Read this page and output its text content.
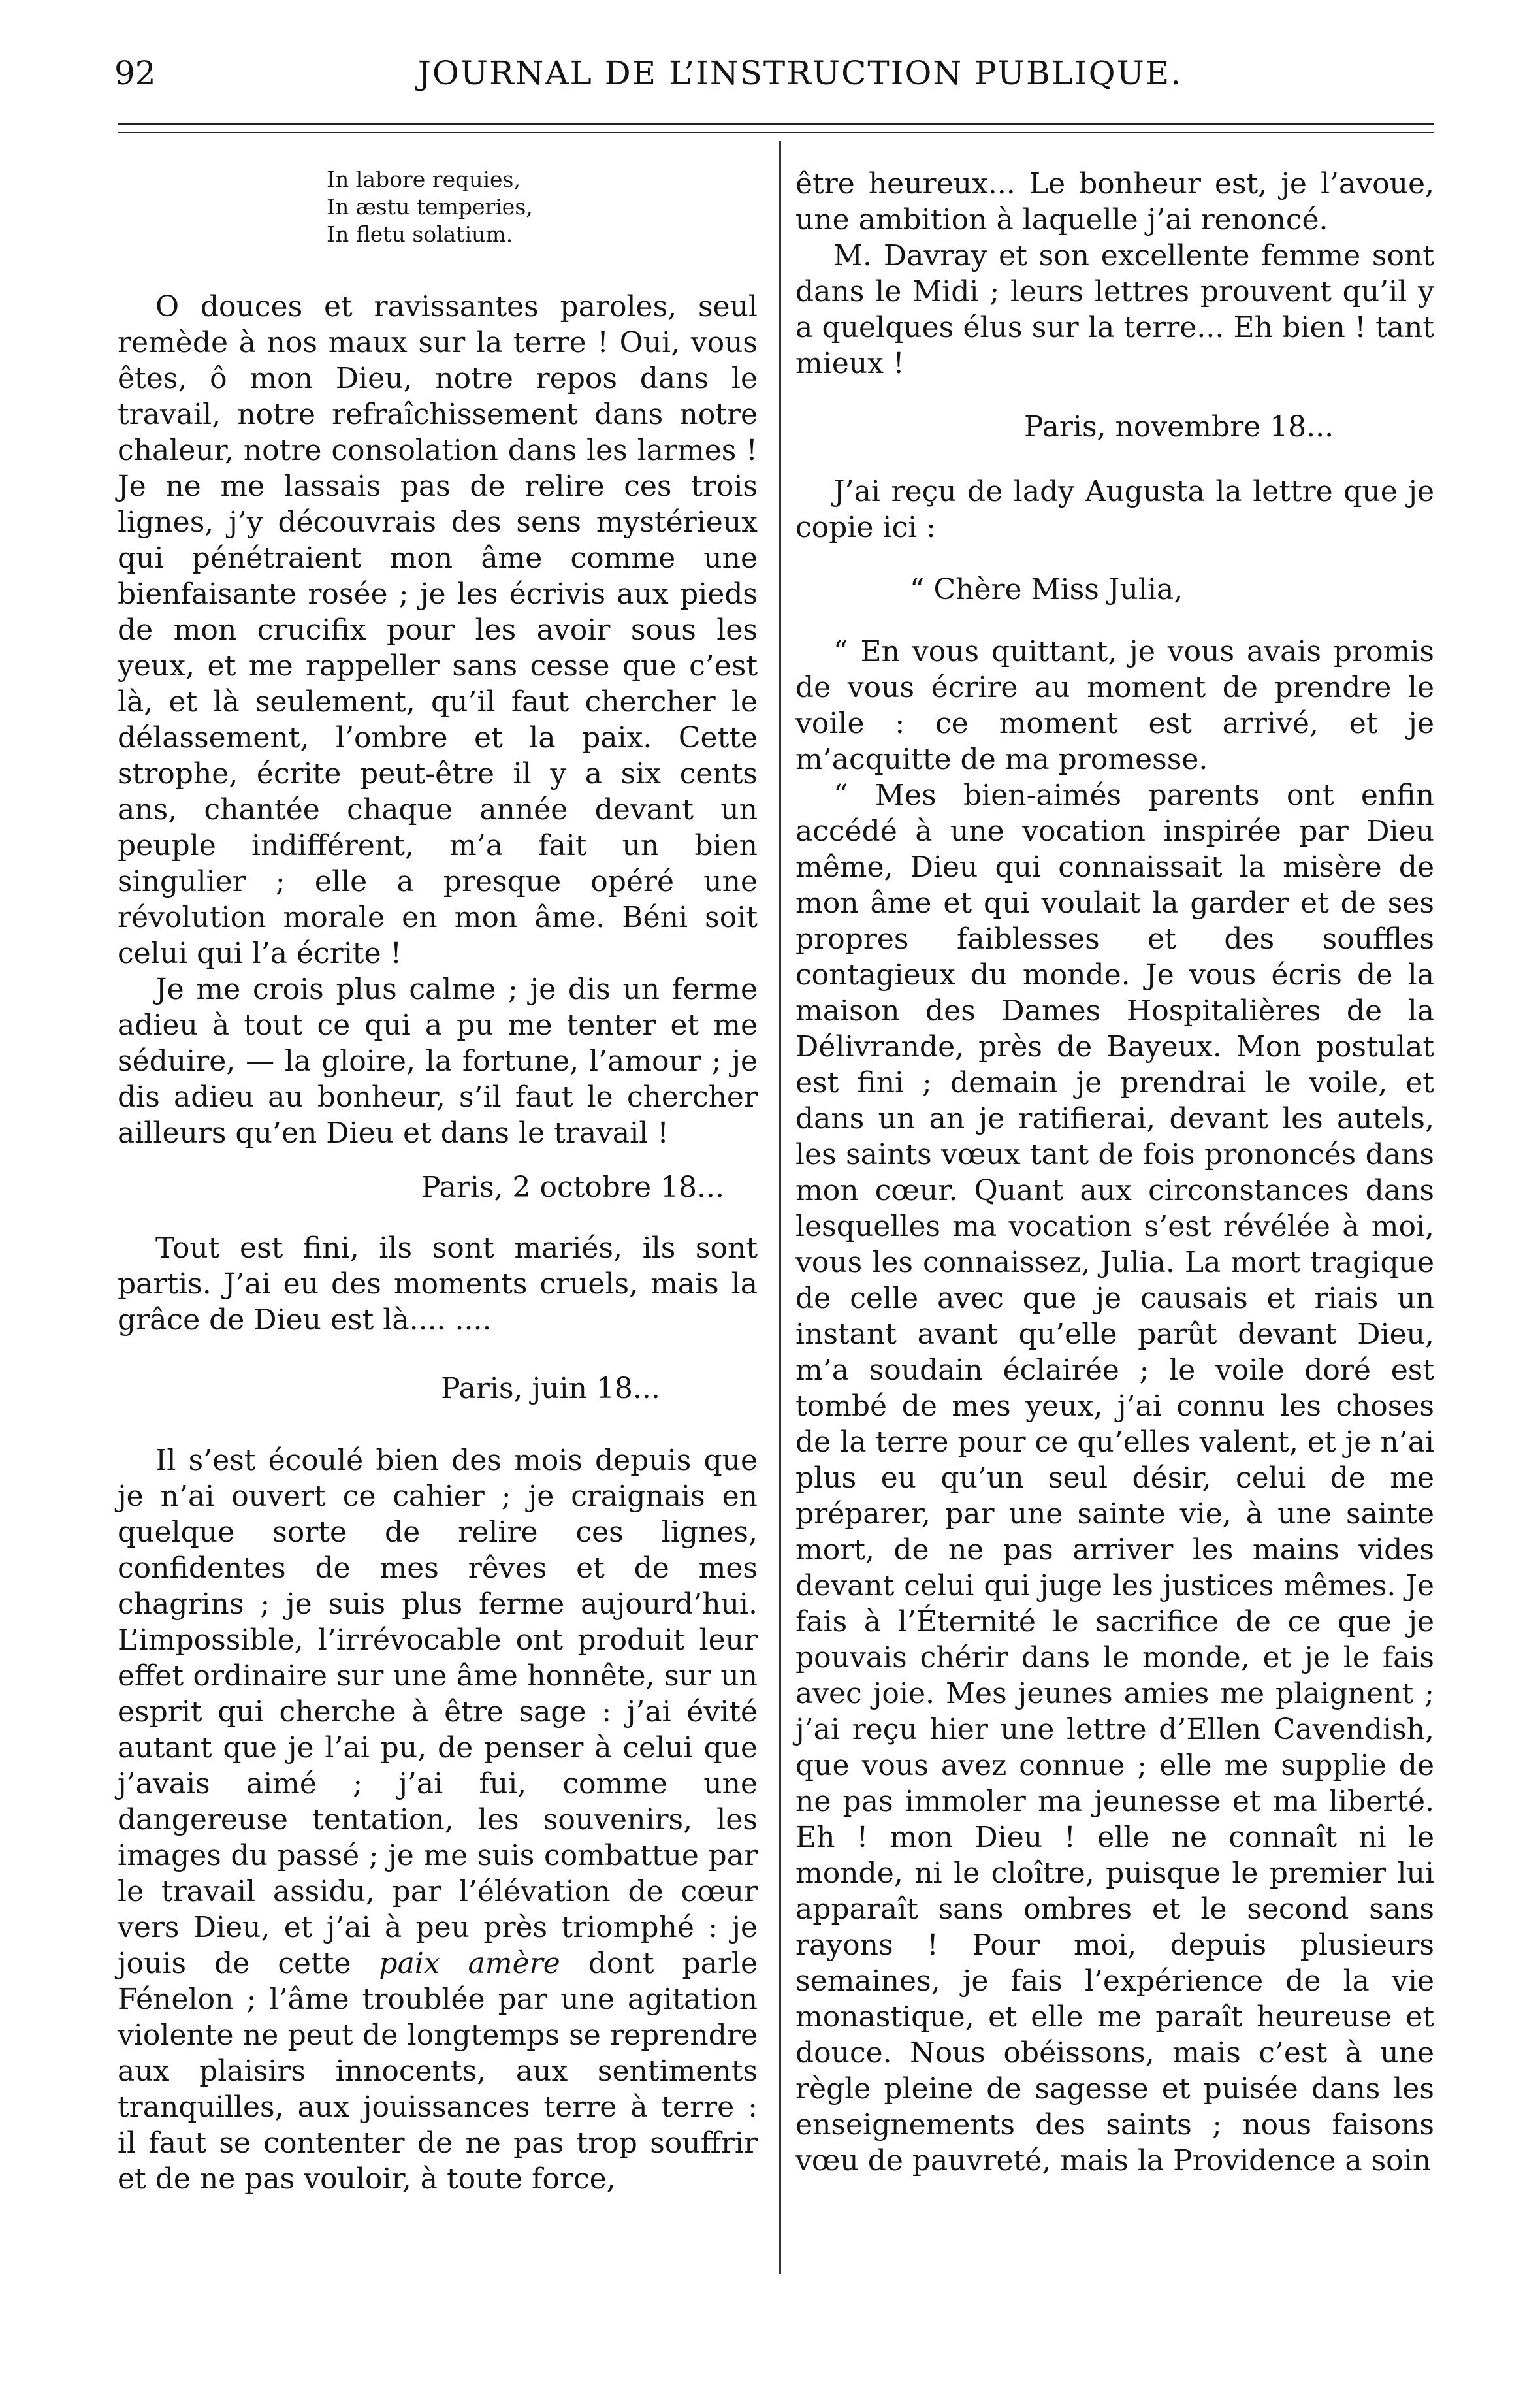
92	JOURNAL DE L’INSTRUCTION PUBLIQUE.
In labore requies,
In æstu temperies,
In fletu solatium.

O douces et ravissantes paroles, seul remède à nos maux sur la terre ! Oui, vous êtes, ô mon Dieu, notre repos dans le travail, notre refraîchissement dans notre chaleur, notre consolation dans les larmes ! Je ne me lassais pas de relire ces trois lignes, j’y découvrais des sens mystérieux qui pénétraient mon âme comme une bienfaisante rosée ; je les écrivis aux pieds de mon crucifix pour les avoir sous les yeux, et me rappeller sans cesse que c’est là, et là seulement, qu’il faut chercher le délassement, l’ombre et la paix. Cette strophe, écrite peut-être il y a six cents ans, chantée chaque année devant un peuple indifférent, m’a fait un bien singulier ; elle a presque opéré une révolution morale en mon âme. Béni soit celui qui l’a écrite !

Je me crois plus calme ; je dis un ferme adieu à tout ce qui a pu me tenter et me séduire, — la gloire, la fortune, l’amour ; je dis adieu au bonheur, s’il faut le chercher ailleurs qu’en Dieu et dans le travail !

Paris, 2 octobre 18...

Tout est fini, ils sont mariés, ils sont partis. J’ai eu des moments cruels, mais la grâce de Dieu est là.... ....

Paris, juin 18...

Il s’est écoulé bien des mois depuis que je n’ai ouvert ce cahier ; je craignais en quelque sorte de relire ces lignes, confidentes de mes rêves et de mes chagrins ; je suis plus ferme aujourd’hui. L’impossible, l’irrévocable ont produit leur effet ordinaire sur une âme honnête, sur un esprit qui cherche à être sage : j’ai évité autant que je l’ai pu, de penser à celui que j’avais aimé ; j’ai fui, comme une dangereuse tentation, les souvenirs, les images du passé ; je me suis combattue par le travail assidu, par l’élévation de cœur vers Dieu, et j’ai à peu près triomphé : je jouis de cette paix amère dont parle Fénelon ; l’âme troublée par une agitation violente ne peut de longtemps se reprendre aux plaisirs innocents, aux sentiments tranquilles, aux jouissances terre à terre : il faut se contenter de ne pas trop souffrir et de ne pas vouloir, à toute force,

être heureux... Le bonheur est, je l’avoue, une ambition à laquelle j’ai renoncé.

M. Davray et son excellente femme sont dans le Midi ; leurs lettres prouvent qu’il y a quelques élus sur la terre... Eh bien ! tant mieux !

Paris, novembre 18...

J’ai reçu de lady Augusta la lettre que je copie ici :

“ Chère Miss Julia,

“ En vous quittant, je vous avais promis de vous écrire au moment de prendre le voile : ce moment est arrivé, et je m’acquitte de ma promesse.

“ Mes bien-aimés parents ont enfin accédé à une vocation inspirée par Dieu même, Dieu qui connaissait la misère de mon âme et qui voulait la garder et de ses propres faiblesses et des souffles contagieux du monde. Je vous écris de la maison des Dames Hospitalières de la Délivrande, près de Bayeux. Mon postulat est fini ; demain je prendrai le voile, et dans un an je ratifierai, devant les autels, les saints vœux tant de fois prononcés dans mon cœur. Quant aux circonstances dans lesquelles ma vocation s’est révélée à moi, vous les connaissez, Julia. La mort tragique de celle avec que je causais et riais un instant avant qu’elle parût devant Dieu, m’a soudain éclairée ; le voile doré est tombé de mes yeux, j’ai connu les choses de la terre pour ce qu’elles valent, et je n’ai plus eu qu’un seul désir, celui de me préparer, par une sainte vie, à une sainte mort, de ne pas arriver les mains vides devant celui qui juge les justices mêmes. Je fais à l’Éternité le sacrifice de ce que je pouvais chérir dans le monde, et je le fais avec joie. Mes jeunes amies me plaignent ; j’ai reçu hier une lettre d’Ellen Cavendish, que vous avez connue ; elle me supplie de ne pas immoler ma jeunesse et ma liberté. Eh ! mon Dieu ! elle ne connaît ni le monde, ni le cloître, puisque le premier lui apparaît sans ombres et le second sans rayons ! Pour moi, depuis plusieurs semaines, je fais l’expérience de la vie monastique, et elle me paraît heureuse et douce. Nous obéissons, mais c’est à une règle pleine de sagesse et puisée dans les enseignements des saints ; nous faisons vœu de pauvreté, mais la Providence a soin
